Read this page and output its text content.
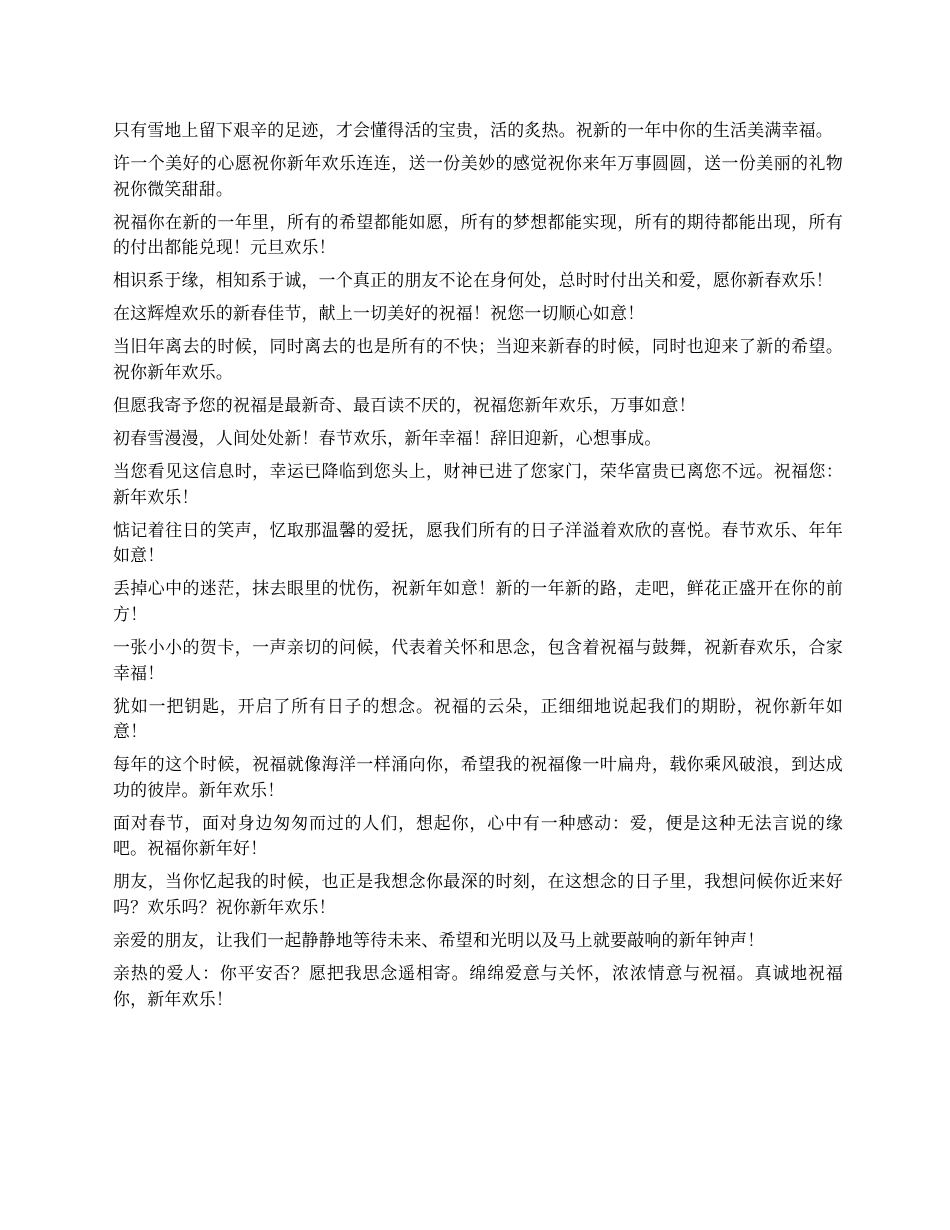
只有雪地上留下艰辛的足迹，才会懂得活的宝贵，活的炙热。祝新的一年中你的生活美满幸福。

许一个美好的心愿祝你新年欢乐连连，送一份美妙的感觉祝你来年万事圆圆，送一份美丽的礼物祝你微笑甜甜。

祝福你在新的一年里，所有的希望都能如愿，所有的梦想都能实现，所有的期待都能出现，所有的付出都能兑现！元旦欢乐！

相识系于缘，相知系于诚，一个真正的朋友不论在身何处，总时时付出关和爱，愿你新春欢乐！

在这辉煌欢乐的新春佳节，献上一切美好的祝福！祝您一切顺心如意！

当旧年离去的时候，同时离去的也是所有的不快；当迎来新春的时候，同时也迎来了新的希望。祝你新年欢乐。

但愿我寄予您的祝福是最新奇、最百读不厌的，祝福您新年欢乐，万事如意！

初春雪漫漫，人间处处新！春节欢乐，新年幸福！辞旧迎新，心想事成。

当您看见这信息时，幸运已降临到您头上，财神已进了您家门，荣华富贵已离您不远。祝福您：新年欢乐！

惦记着往日的笑声，忆取那温馨的爱抚，愿我们所有的日子洋溢着欢欣的喜悦。春节欢乐、年年如意！

丢掉心中的迷茫，抹去眼里的忧伤，祝新年如意！新的一年新的路，走吧，鲜花正盛开在你的前方！

一张小小的贺卡，一声亲切的问候，代表着关怀和思念，包含着祝福与鼓舞，祝新春欢乐，合家幸福！

犹如一把钥匙，开启了所有日子的想念。祝福的云朵，正细细地说起我们的期盼，祝你新年如意！

每年的这个时候，祝福就像海洋一样涌向你，希望我的祝福像一叶扁舟，载你乘风破浪，到达成功的彼岸。新年欢乐！

面对春节，面对身边匆匆而过的人们，想起你，心中有一种感动：爱，便是这种无法言说的缘吧。祝福你新年好！

朋友，当你忆起我的时候，也正是我想念你最深的时刻，在这想念的日子里，我想问候你近来好吗？欢乐吗？祝你新年欢乐！

亲爱的朋友，让我们一起静静地等待未来、希望和光明以及马上就要敲响的新年钟声！

亲热的爱人：你平安否？愿把我思念遥相寄。绵绵爱意与关怀，浓浓情意与祝福。真诚地祝福你，新年欢乐！
